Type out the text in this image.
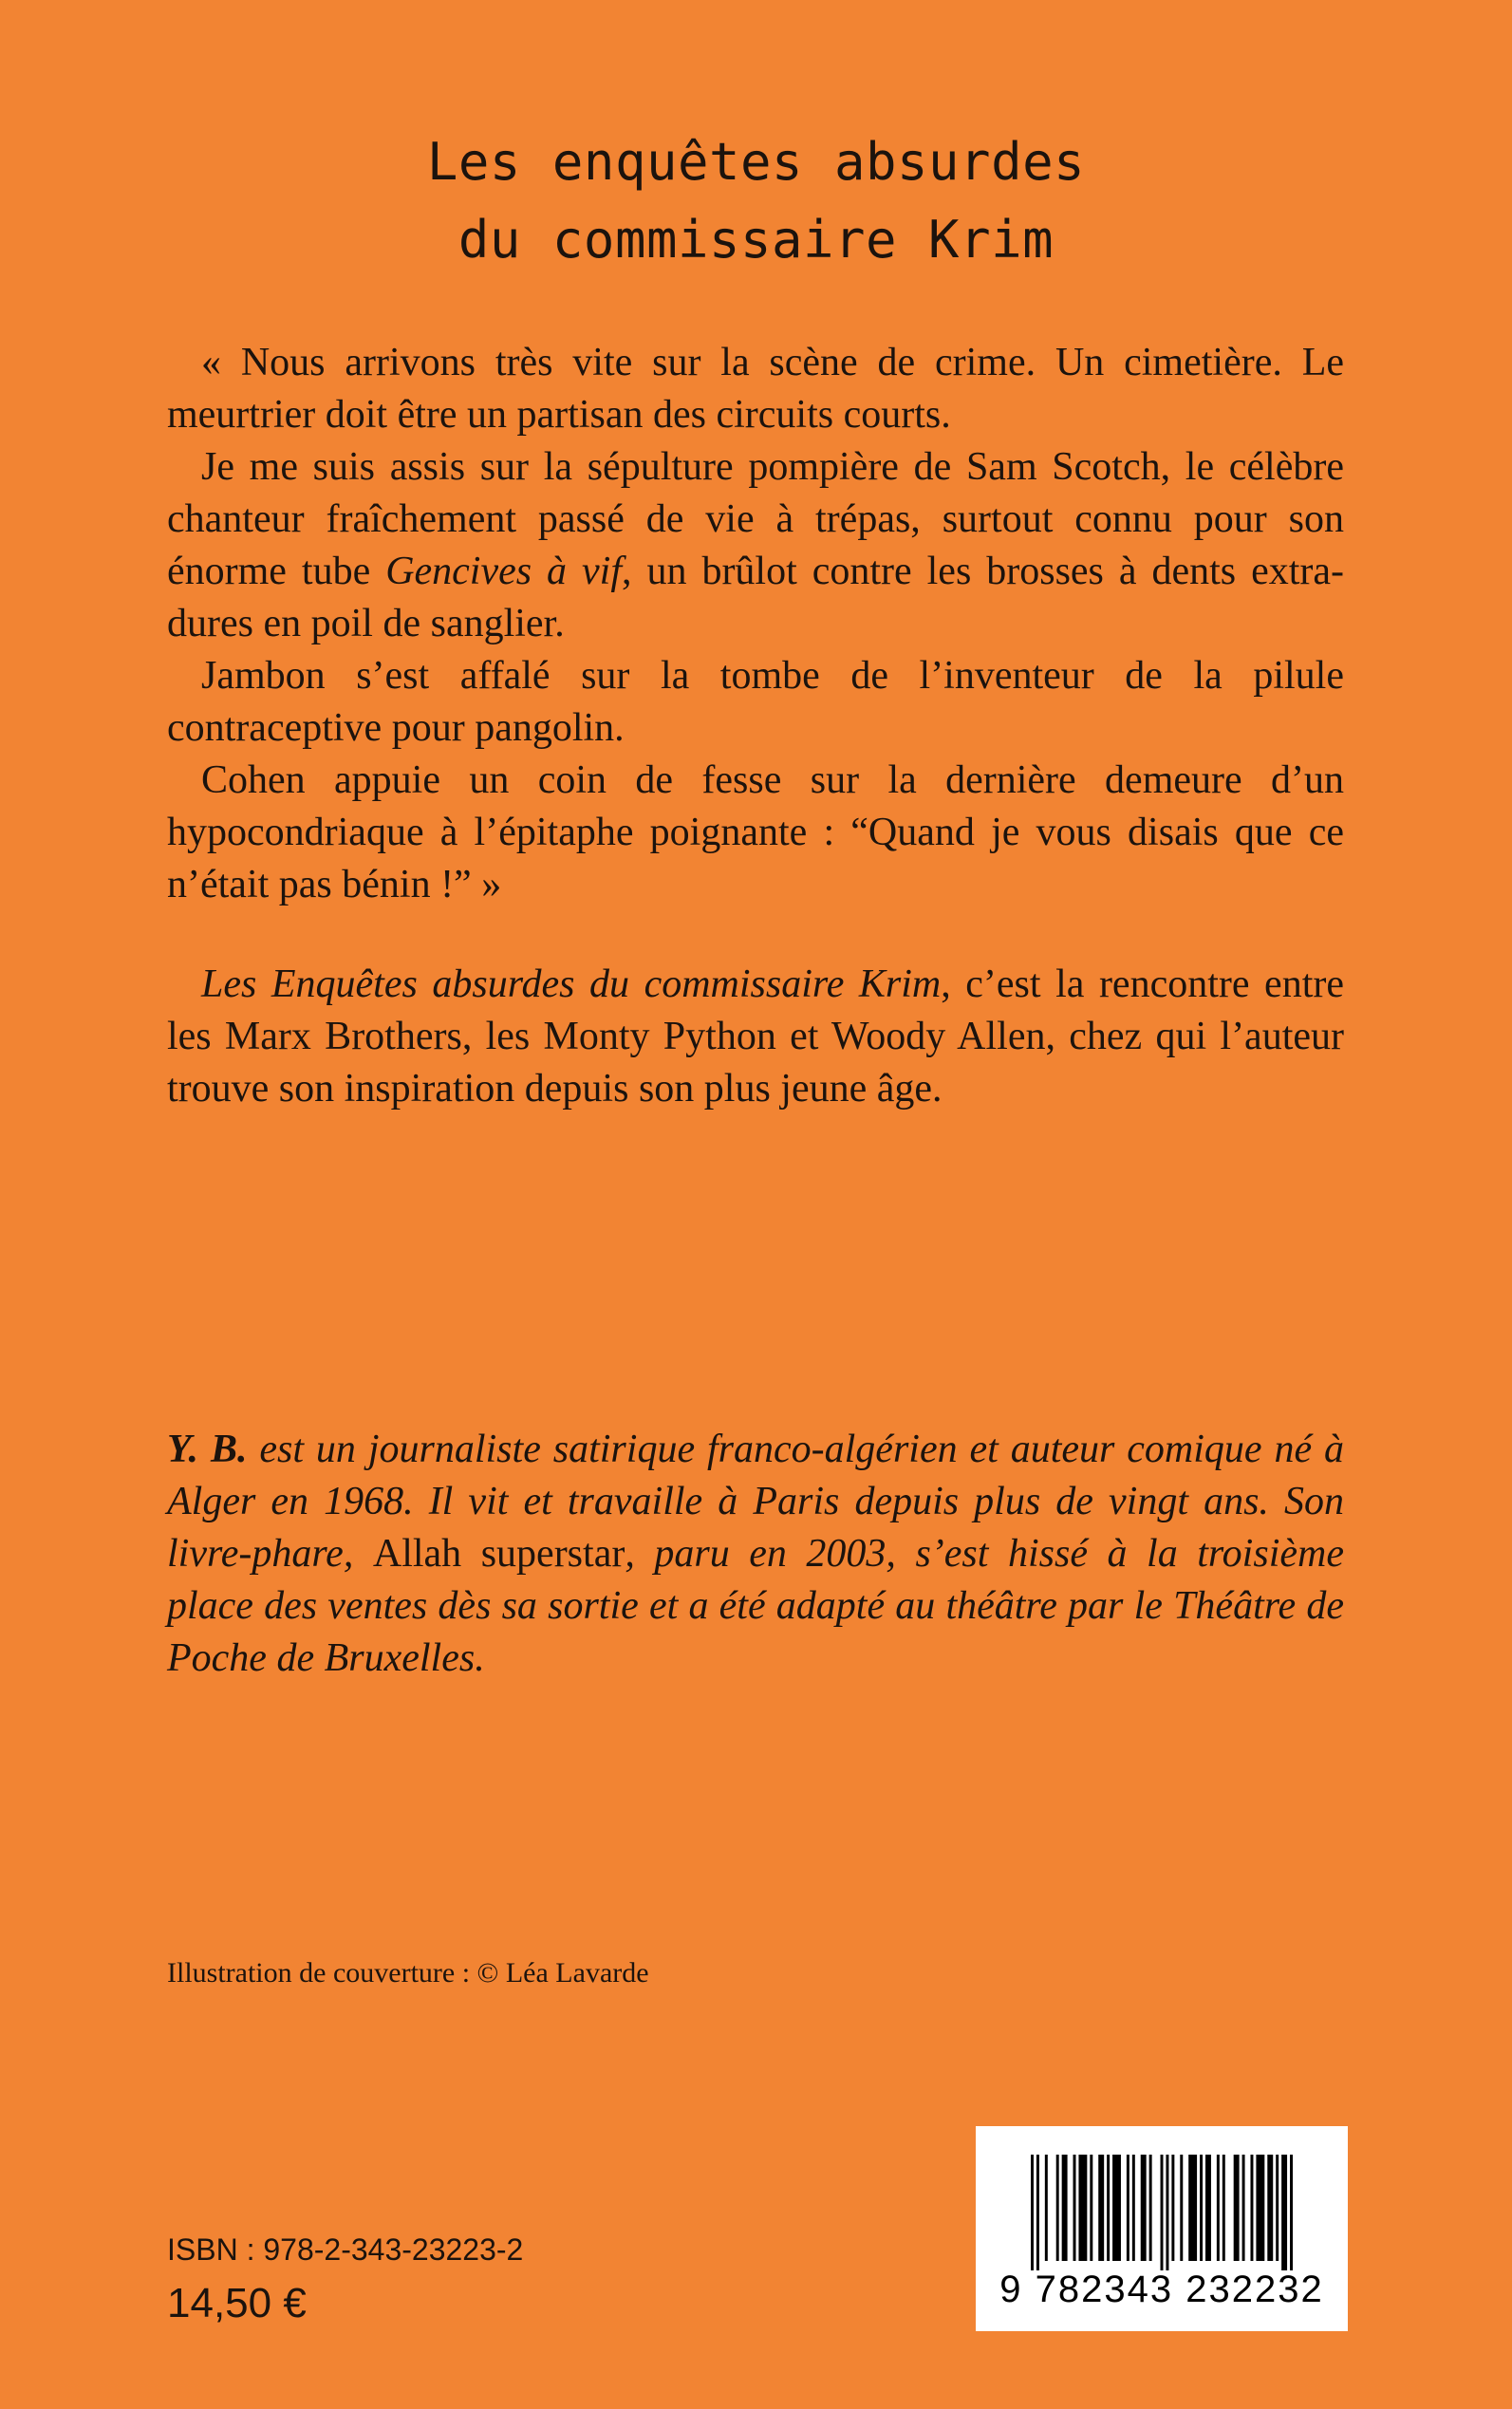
Les enquêtes absurdes
du commissaire Krim

« Nous arrivons très vite sur la scène de crime. Un cimetière. Le meurtrier doit être un partisan des circuits courts.

Je me suis assis sur la sépulture pompière de Sam Scotch, le célèbre chanteur fraîchement passé de vie à trépas, surtout connu pour son énorme tube Gencives à vif, un brûlot contre les brosses à dents extra-dures en poil de sanglier.

Jambon s’est affalé sur la tombe de l’inventeur de la pilule contraceptive pour pangolin.

Cohen appuie un coin de fesse sur la dernière demeure d’un hypocondriaque à l’épitaphe poignante : “Quand je vous disais que ce n’était pas bénin !” »

Les Enquêtes absurdes du commissaire Krim, c’est la rencontre entre les Marx Brothers, les Monty Python et Woody Allen, chez qui l’auteur trouve son inspiration depuis son plus jeune âge.

Y. B. est un journaliste satirique franco-algérien et auteur comique né à Alger en 1968. Il vit et travaille à Paris depuis plus de vingt ans. Son livre-phare, Allah superstar, paru en 2003, s’est hissé à la troisième place des ventes dès sa sortie et a été adapté au théâtre par le Théâtre de Poche de Bruxelles.

Illustration de couverture : © Léa Lavarde
ISBN : 978-2-343-23223-2
14,50 €	9 782343 232232
